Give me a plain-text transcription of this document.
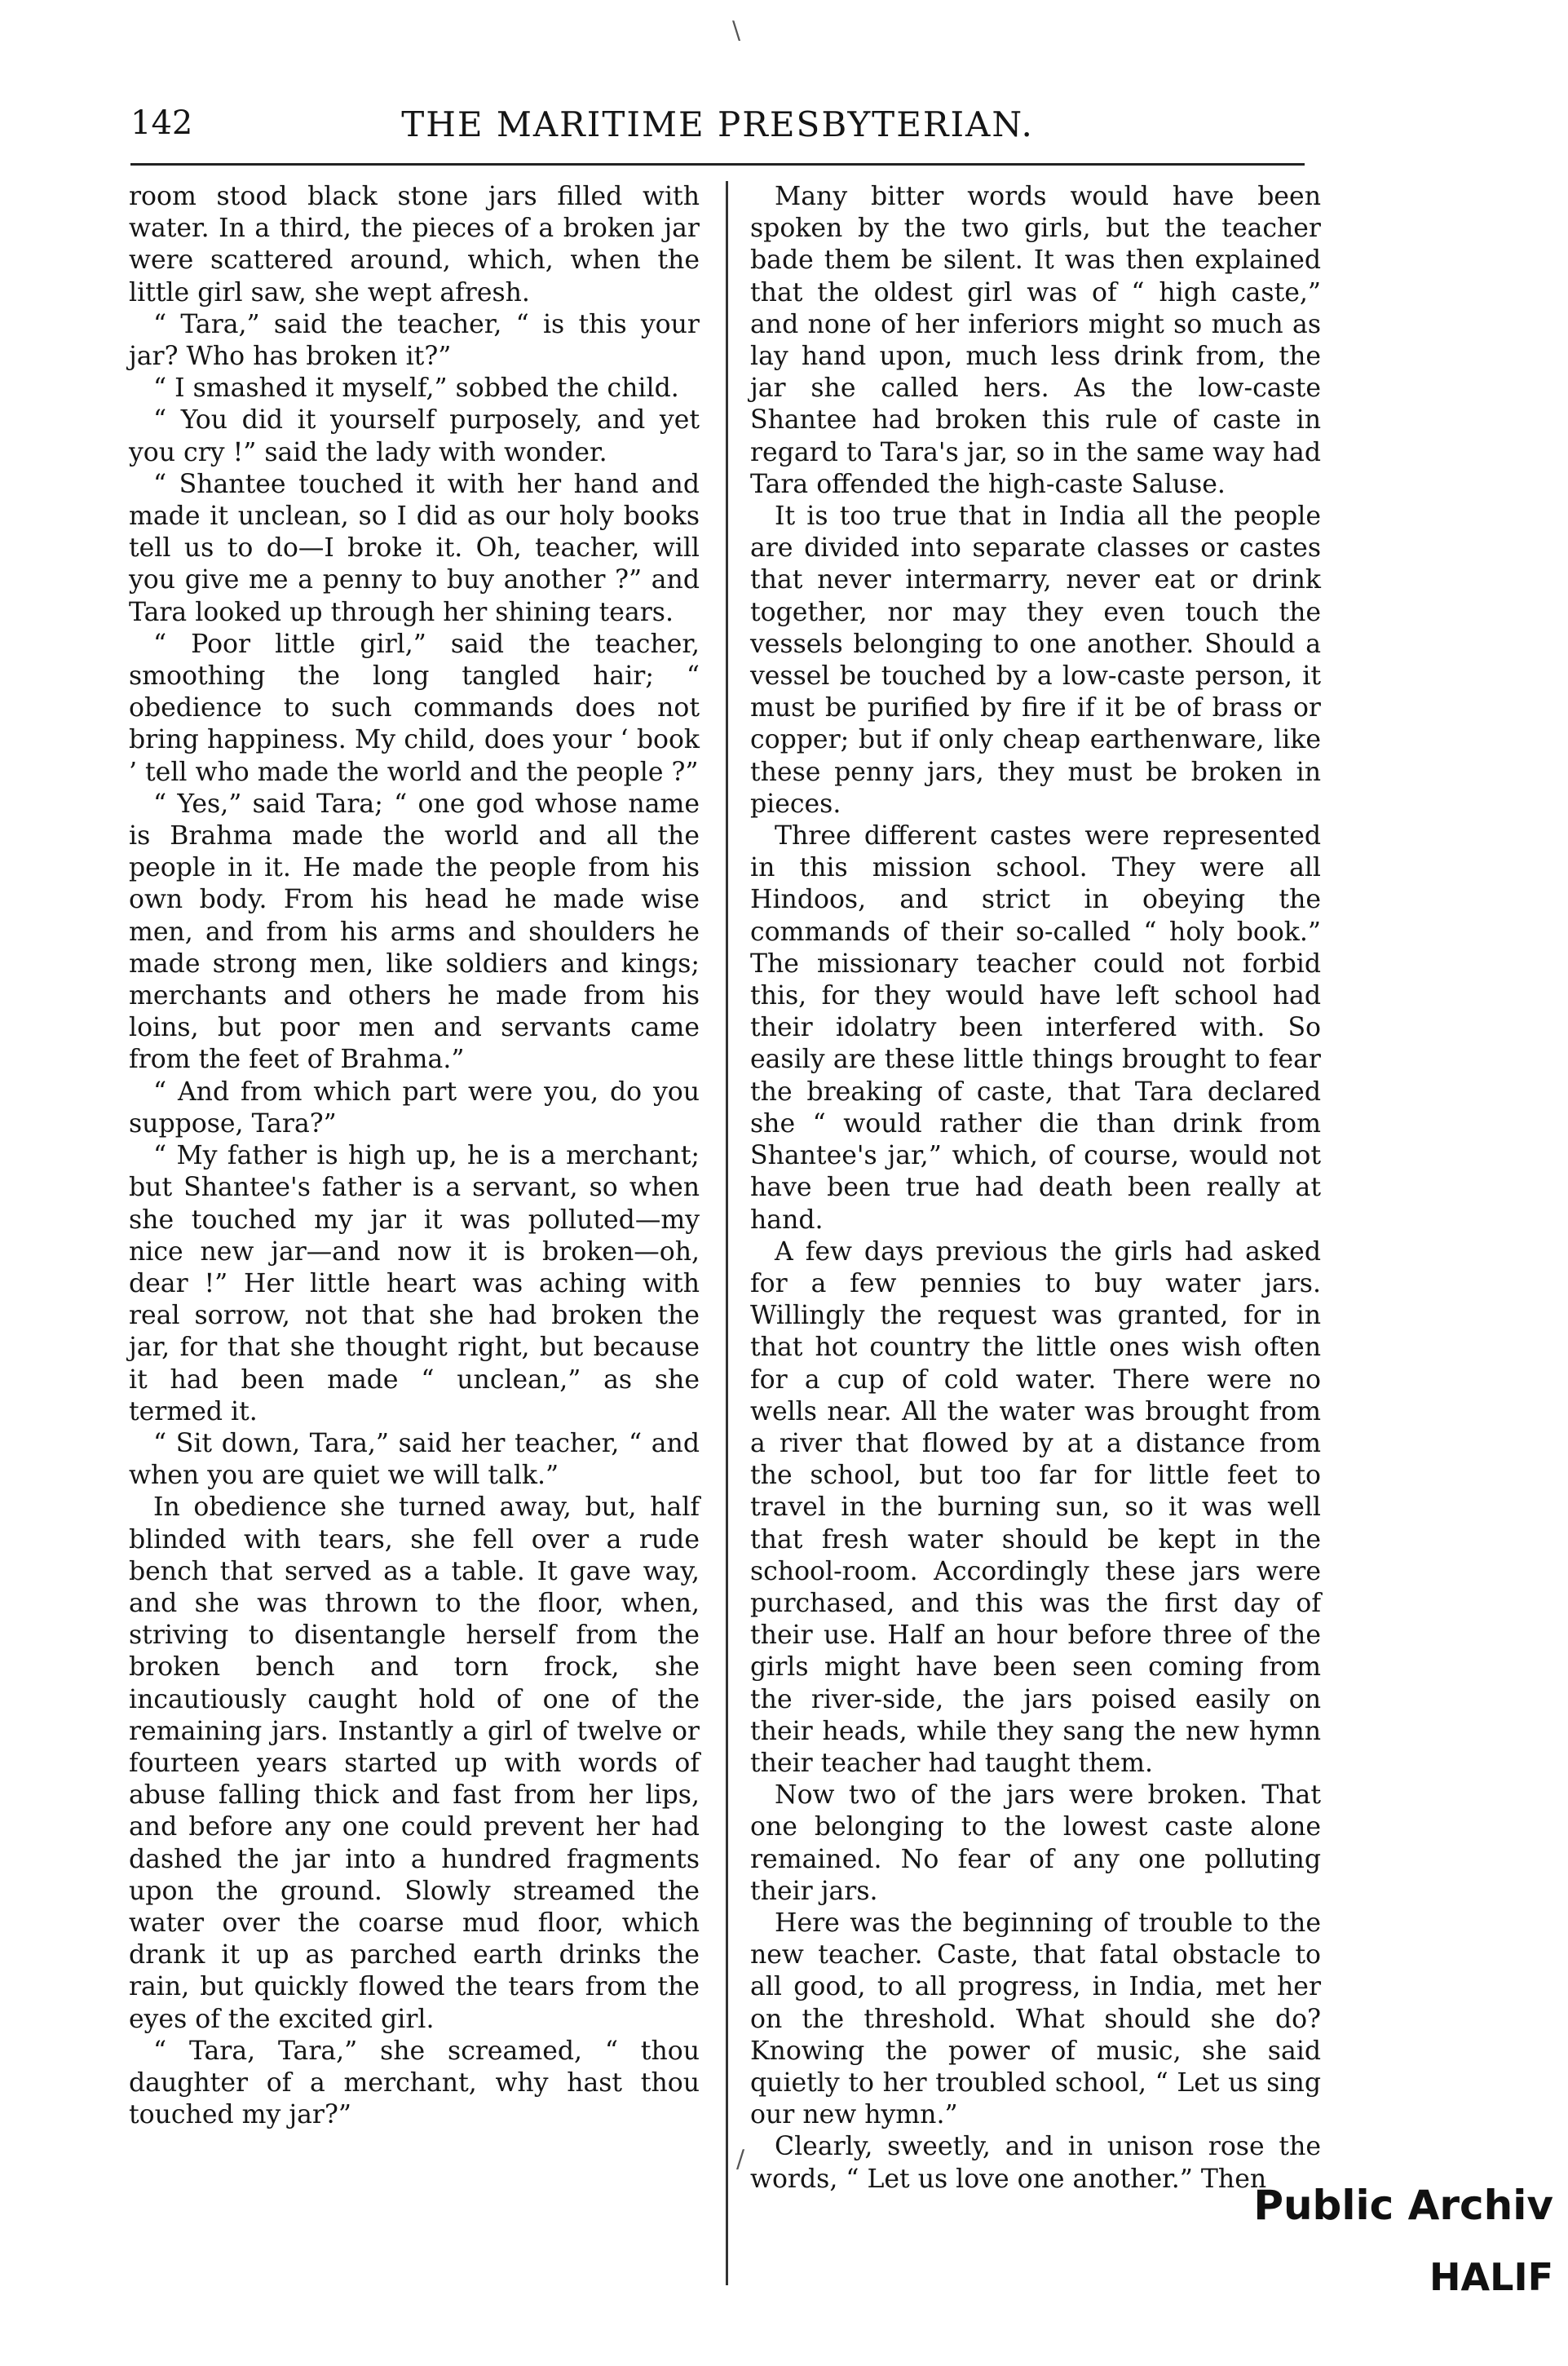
142	THE MARITIME PRESBYTERIAN.

room stood black stone jars filled with water. In a third, the pieces of a broken jar were scattered around, which, when the little girl saw, she wept afresh.

“ Tara,” said the teacher, “ is this your jar? Who has broken it?”

“ I smashed it myself,” sobbed the child.

“ You did it yourself purposely, and yet you cry !” said the lady with wonder.

“ Shantee touched it with her hand and made it unclean, so I did as our holy books tell us to do—I broke it. Oh, teacher, will you give me a penny to buy another ?” and Tara looked up through her shining tears.

“ Poor little girl,” said the teacher, smoothing the long tangled hair; “ obedience to such commands does not bring happiness. My child, does your ‘ book ’ tell who made the world and the people ?”

“ Yes,” said Tara; “ one god whose name is Brahma made the world and all the people in it. He made the people from his own body. From his head he made wise men, and from his arms and shoulders he made strong men, like soldiers and kings; merchants and others he made from his loins, but poor men and servants came from the feet of Brahma.”

“ And from which part were you, do you suppose, Tara?”

“ My father is high up, he is a merchant; but Shantee's father is a servant, so when she touched my jar it was polluted—my nice new jar—and now it is broken—oh, dear !” Her little heart was aching with real sorrow, not that she had broken the jar, for that she thought right, but because it had been made “ unclean,” as she termed it.

“ Sit down, Tara,” said her teacher, “ and when you are quiet we will talk.”

In obedience she turned away, but, half blinded with tears, she fell over a rude bench that served as a table. It gave way, and she was thrown to the floor, when, striving to disentangle herself from the broken bench and torn frock, she incautiously caught hold of one of the remaining jars. Instantly a girl of twelve or fourteen years started up with words of abuse falling thick and fast from her lips, and before any one could prevent her had dashed the jar into a hundred fragments upon the ground. Slowly streamed the water over the coarse mud floor, which drank it up as parched earth drinks the rain, but quickly flowed the tears from the eyes of the excited girl.

“ Tara, Tara,” she screamed, “ thou daughter of a merchant, why hast thou touched my jar?”

Many bitter words would have been spoken by the two girls, but the teacher bade them be silent. It was then explained that the oldest girl was of “ high caste,” and none of her inferiors might so much as lay hand upon, much less drink from, the jar she called hers. As the low-caste Shantee had broken this rule of caste in regard to Tara's jar, so in the same way had Tara offended the high-caste Saluse.

It is too true that in India all the people are divided into separate classes or castes that never intermarry, never eat or drink together, nor may they even touch the vessels belonging to one another. Should a vessel be touched by a low-caste person, it must be purified by fire if it be of brass or copper; but if only cheap earthenware, like these penny jars, they must be broken in pieces.

Three different castes were represented in this mission school. They were all Hindoos, and strict in obeying the commands of their so-called “ holy book.” The missionary teacher could not forbid this, for they would have left school had their idolatry been interfered with. So easily are these little things brought to fear the breaking of caste, that Tara declared she “ would rather die than drink from Shantee's jar,” which, of course, would not have been true had death been really at hand.

A few days previous the girls had asked for a few pennies to buy water jars. Willingly the request was granted, for in that hot country the little ones wish often for a cup of cold water. There were no wells near. All the water was brought from a river that flowed by at a distance from the school, but too far for little feet to travel in the burning sun, so it was well that fresh water should be kept in the school-room. Accordingly these jars were purchased, and this was the first day of their use. Half an hour before three of the girls might have been seen coming from the river-side, the jars poised easily on their heads, while they sang the new hymn their teacher had taught them.

Now two of the jars were broken. That one belonging to the lowest caste alone remained. No fear of any one polluting their jars.

Here was the beginning of trouble to the new teacher. Caste, that fatal obstacle to all good, to all progress, in India, met her on the threshold. What should she do? Knowing the power of music, she said quietly to her troubled school, “ Let us sing our new hymn.”

Clearly, sweetly, and in unison rose the words, “ Let us love one another.” Then

\
/
Public Archiv
HALIF
